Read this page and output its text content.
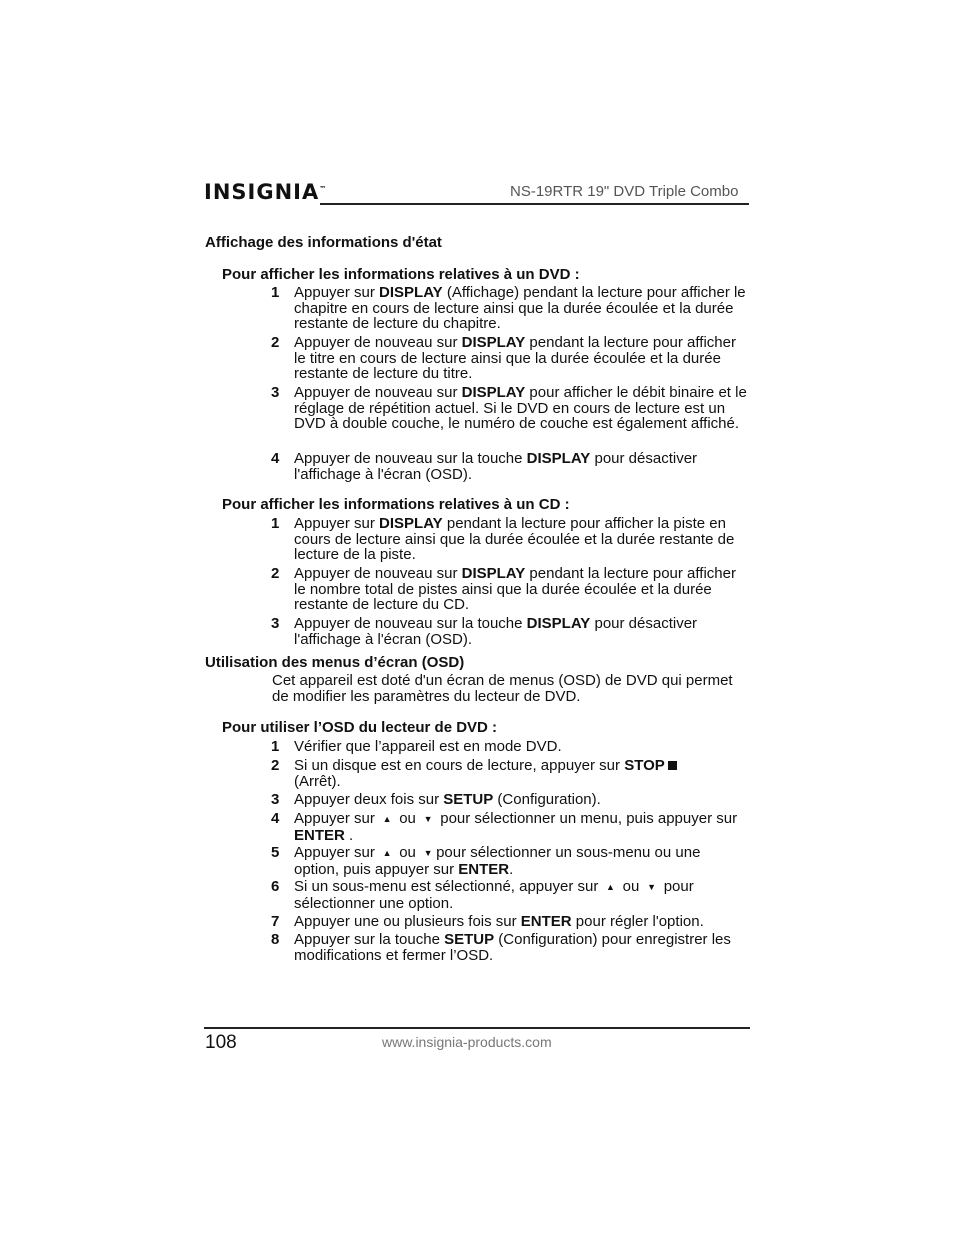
INSIGNIA™	NS-19RTR 19" DVD Triple Combo
Affichage des informations d'état
Pour afficher les informations relatives à un DVD :
1 Appuyer sur DISPLAY (Affichage) pendant la lecture pour afficher le chapitre en cours de lecture ainsi que la durée écoulée et la durée restante de lecture du chapitre.
2 Appuyer de nouveau sur DISPLAY pendant la lecture pour afficher le titre en cours de lecture ainsi que la durée écoulée et la durée restante de lecture du titre.
3 Appuyer de nouveau sur DISPLAY pour afficher le débit binaire et le réglage de répétition actuel. Si le DVD en cours de lecture est un DVD à double couche, le numéro de couche est également affiché.
4 Appuyer de nouveau sur la touche DISPLAY pour désactiver l'affichage à l'écran (OSD).
Pour afficher les informations relatives à un CD :
1 Appuyer sur DISPLAY pendant la lecture pour afficher la piste en cours de lecture ainsi que la durée écoulée et la durée restante de lecture de la piste.
2 Appuyer de nouveau sur DISPLAY pendant la lecture pour afficher le nombre total de pistes ainsi que la durée écoulée et la durée restante de lecture du CD.
3 Appuyer de nouveau sur la touche DISPLAY pour désactiver l'affichage à l'écran (OSD).
Utilisation des menus d’écran (OSD)
Cet appareil est doté d'un écran de menus (OSD) de DVD qui permet de modifier les paramètres du lecteur de DVD.
Pour utiliser l’OSD du lecteur de DVD :
1 Vérifier que l’appareil est en mode DVD.
2 Si un disque est en cours de lecture, appuyer sur STOP
(Arrêt).
3 Appuyer deux fois sur SETUP (Configuration).
4 Appuyer sur ▲ ou ▼ pour sélectionner un menu, puis appuyer sur ENTER .
5 Appuyer sur ▲ ou ▼ pour sélectionner un sous-menu ou une option, puis appuyer sur ENTER.
6 Si un sous-menu est sélectionné, appuyer sur ▲ ou ▼ pour sélectionner une option.
7 Appuyer une ou plusieurs fois sur ENTER pour régler l'option.
8 Appuyer sur la touche SETUP (Configuration) pour enregistrer les modifications et fermer l’OSD.
108	www.insignia-products.com
